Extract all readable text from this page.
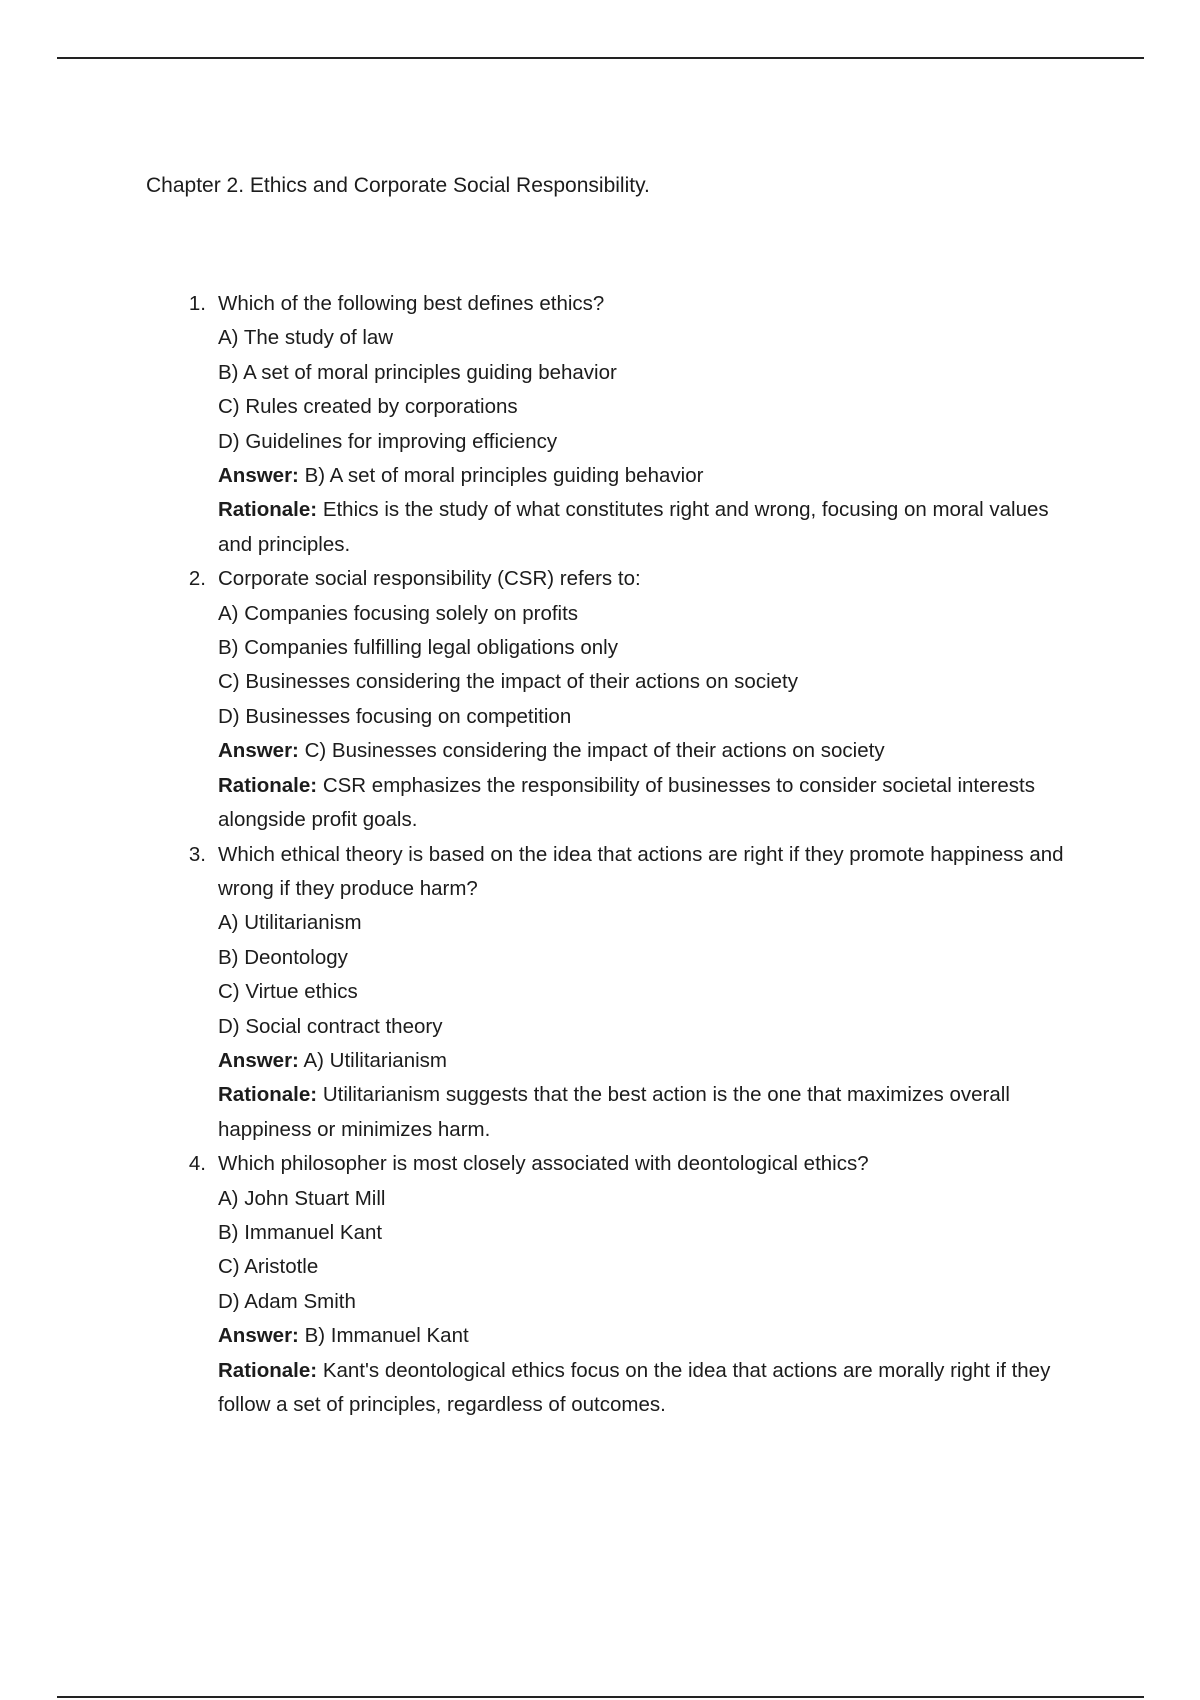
Chapter 2. Ethics and Corporate Social Responsibility.
1. Which of the following best defines ethics?

A) The study of law

B) A set of moral principles guiding behavior

C) Rules created by corporations

D) Guidelines for improving efficiency

Answer: B) A set of moral principles guiding behavior

Rationale: Ethics is the study of what constitutes right and wrong, focusing on moral values and principles.

2. Corporate social responsibility (CSR) refers to:

A) Companies focusing solely on profits

B) Companies fulfilling legal obligations only

C) Businesses considering the impact of their actions on society

D) Businesses focusing on competition

Answer: C) Businesses considering the impact of their actions on society

Rationale: CSR emphasizes the responsibility of businesses to consider societal interests alongside profit goals.

3. Which ethical theory is based on the idea that actions are right if they promote happiness and wrong if they produce harm?

A) Utilitarianism

B) Deontology

C) Virtue ethics

D) Social contract theory

Answer: A) Utilitarianism

Rationale: Utilitarianism suggests that the best action is the one that maximizes overall happiness or minimizes harm.

4. Which philosopher is most closely associated with deontological ethics?

A) John Stuart Mill

B) Immanuel Kant

C) Aristotle

D) Adam Smith

Answer: B) Immanuel Kant

Rationale: Kant's deontological ethics focus on the idea that actions are morally right if they follow a set of principles, regardless of outcomes.
